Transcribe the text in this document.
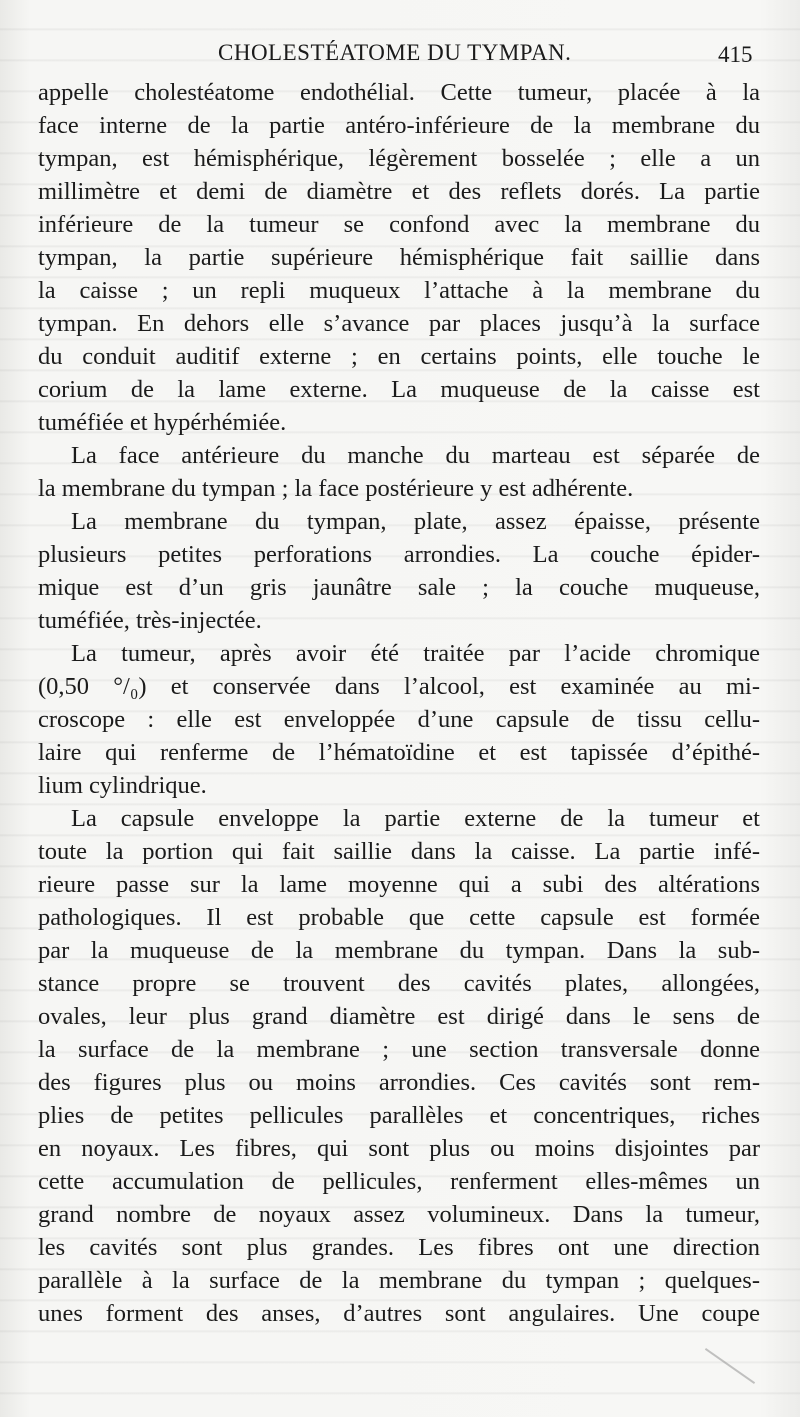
CHOLESTÉATOME DU TYMPAN.	415
appelle cholestéatome endothélial. Cette tumeur, placée à la
face interne de la partie antéro-inférieure de la membrane du
tympan, est hémisphérique, légèrement bosselée ; elle a un
millimètre et demi de diamètre et des reflets dorés. La partie
inférieure de la tumeur se confond avec la membrane du
tympan, la partie supérieure hémisphérique fait saillie dans
la caisse ; un repli muqueux l’attache à la membrane du
tympan. En dehors elle s’avance par places jusqu’à la surface
du conduit auditif externe ; en certains points, elle touche le
corium de la lame externe. La muqueuse de la caisse est
tuméfiée et hypérhémiée.
La face antérieure du manche du marteau est séparée de
la membrane du tympan ; la face postérieure y est adhérente.
La membrane du tympan, plate, assez épaisse, présente
plusieurs petites perforations arrondies. La couche épider-
mique est d’un gris jaunâtre sale ; la couche muqueuse,
tuméfiée, très-injectée.
La tumeur, après avoir été traitée par l’acide chromique
(0,50 °/₀) et conservée dans l’alcool, est examinée au mi-
croscope : elle est enveloppée d’une capsule de tissu cellu-
laire qui renferme de l’hématoïdine et est tapissée d’épithé-
lium cylindrique.
La capsule enveloppe la partie externe de la tumeur et
toute la portion qui fait saillie dans la caisse. La partie infé-
rieure passe sur la lame moyenne qui a subi des altérations
pathologiques. Il est probable que cette capsule est formée
par la muqueuse de la membrane du tympan. Dans la sub-
stance propre se trouvent des cavités plates, allongées,
ovales, leur plus grand diamètre est dirigé dans le sens de
la surface de la membrane ; une section transversale donne
des figures plus ou moins arrondies. Ces cavités sont rem-
plies de petites pellicules parallèles et concentriques, riches
en noyaux. Les fibres, qui sont plus ou moins disjointes par
cette accumulation de pellicules, renferment elles-mêmes un
grand nombre de noyaux assez volumineux. Dans la tumeur,
les cavités sont plus grandes. Les fibres ont une direction
parallèle à la surface de la membrane du tympan ; quelques-
unes forment des anses, d’autres sont angulaires. Une coupe
